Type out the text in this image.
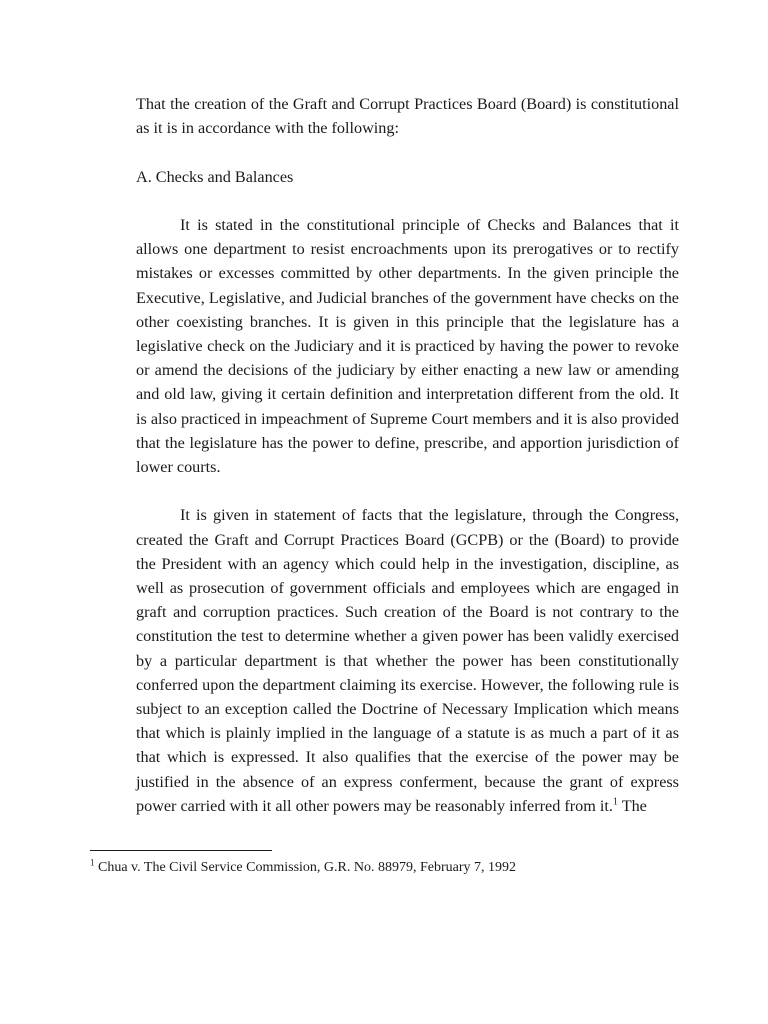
That the creation of the Graft and Corrupt Practices Board (Board) is constitutional as it is in accordance with the following:

A. Checks and Balances

It is stated in the constitutional principle of Checks and Balances that it allows one department to resist encroachments upon its prerogatives or to rectify mistakes or excesses committed by other departments. In the given principle the Executive, Legislative, and Judicial branches of the government have checks on the other coexisting branches. It is given in this principle that the legislature has a legislative check on the Judiciary and it is practiced by having the power to revoke or amend the decisions of the judiciary by either enacting a new law or amending and old law, giving it certain definition and interpretation different from the old. It is also practiced in impeachment of Supreme Court members and it is also provided that the legislature has the power to define, prescribe, and apportion jurisdiction of lower courts.

It is given in statement of facts that the legislature, through the Congress, created the Graft and Corrupt Practices Board (GCPB) or the (Board) to provide the President with an agency which could help in the investigation, discipline, as well as prosecution of government officials and employees which are engaged in graft and corruption practices. Such creation of the Board is not contrary to the constitution the test to determine whether a given power has been validly exercised by a particular department is that whether the power has been constitutionally conferred upon the department claiming its exercise. However, the following rule is subject to an exception called the Doctrine of Necessary Implication which means that which is plainly implied in the language of a statute is as much a part of it as that which is expressed. It also qualifies that the exercise of the power may be justified in the absence of an express conferment, because the grant of express power carried with it all other powers may be reasonably inferred from it.$^1$ The

$^1$ Chua v. The Civil Service Commission, G.R. No. 88979, February 7, 1992
